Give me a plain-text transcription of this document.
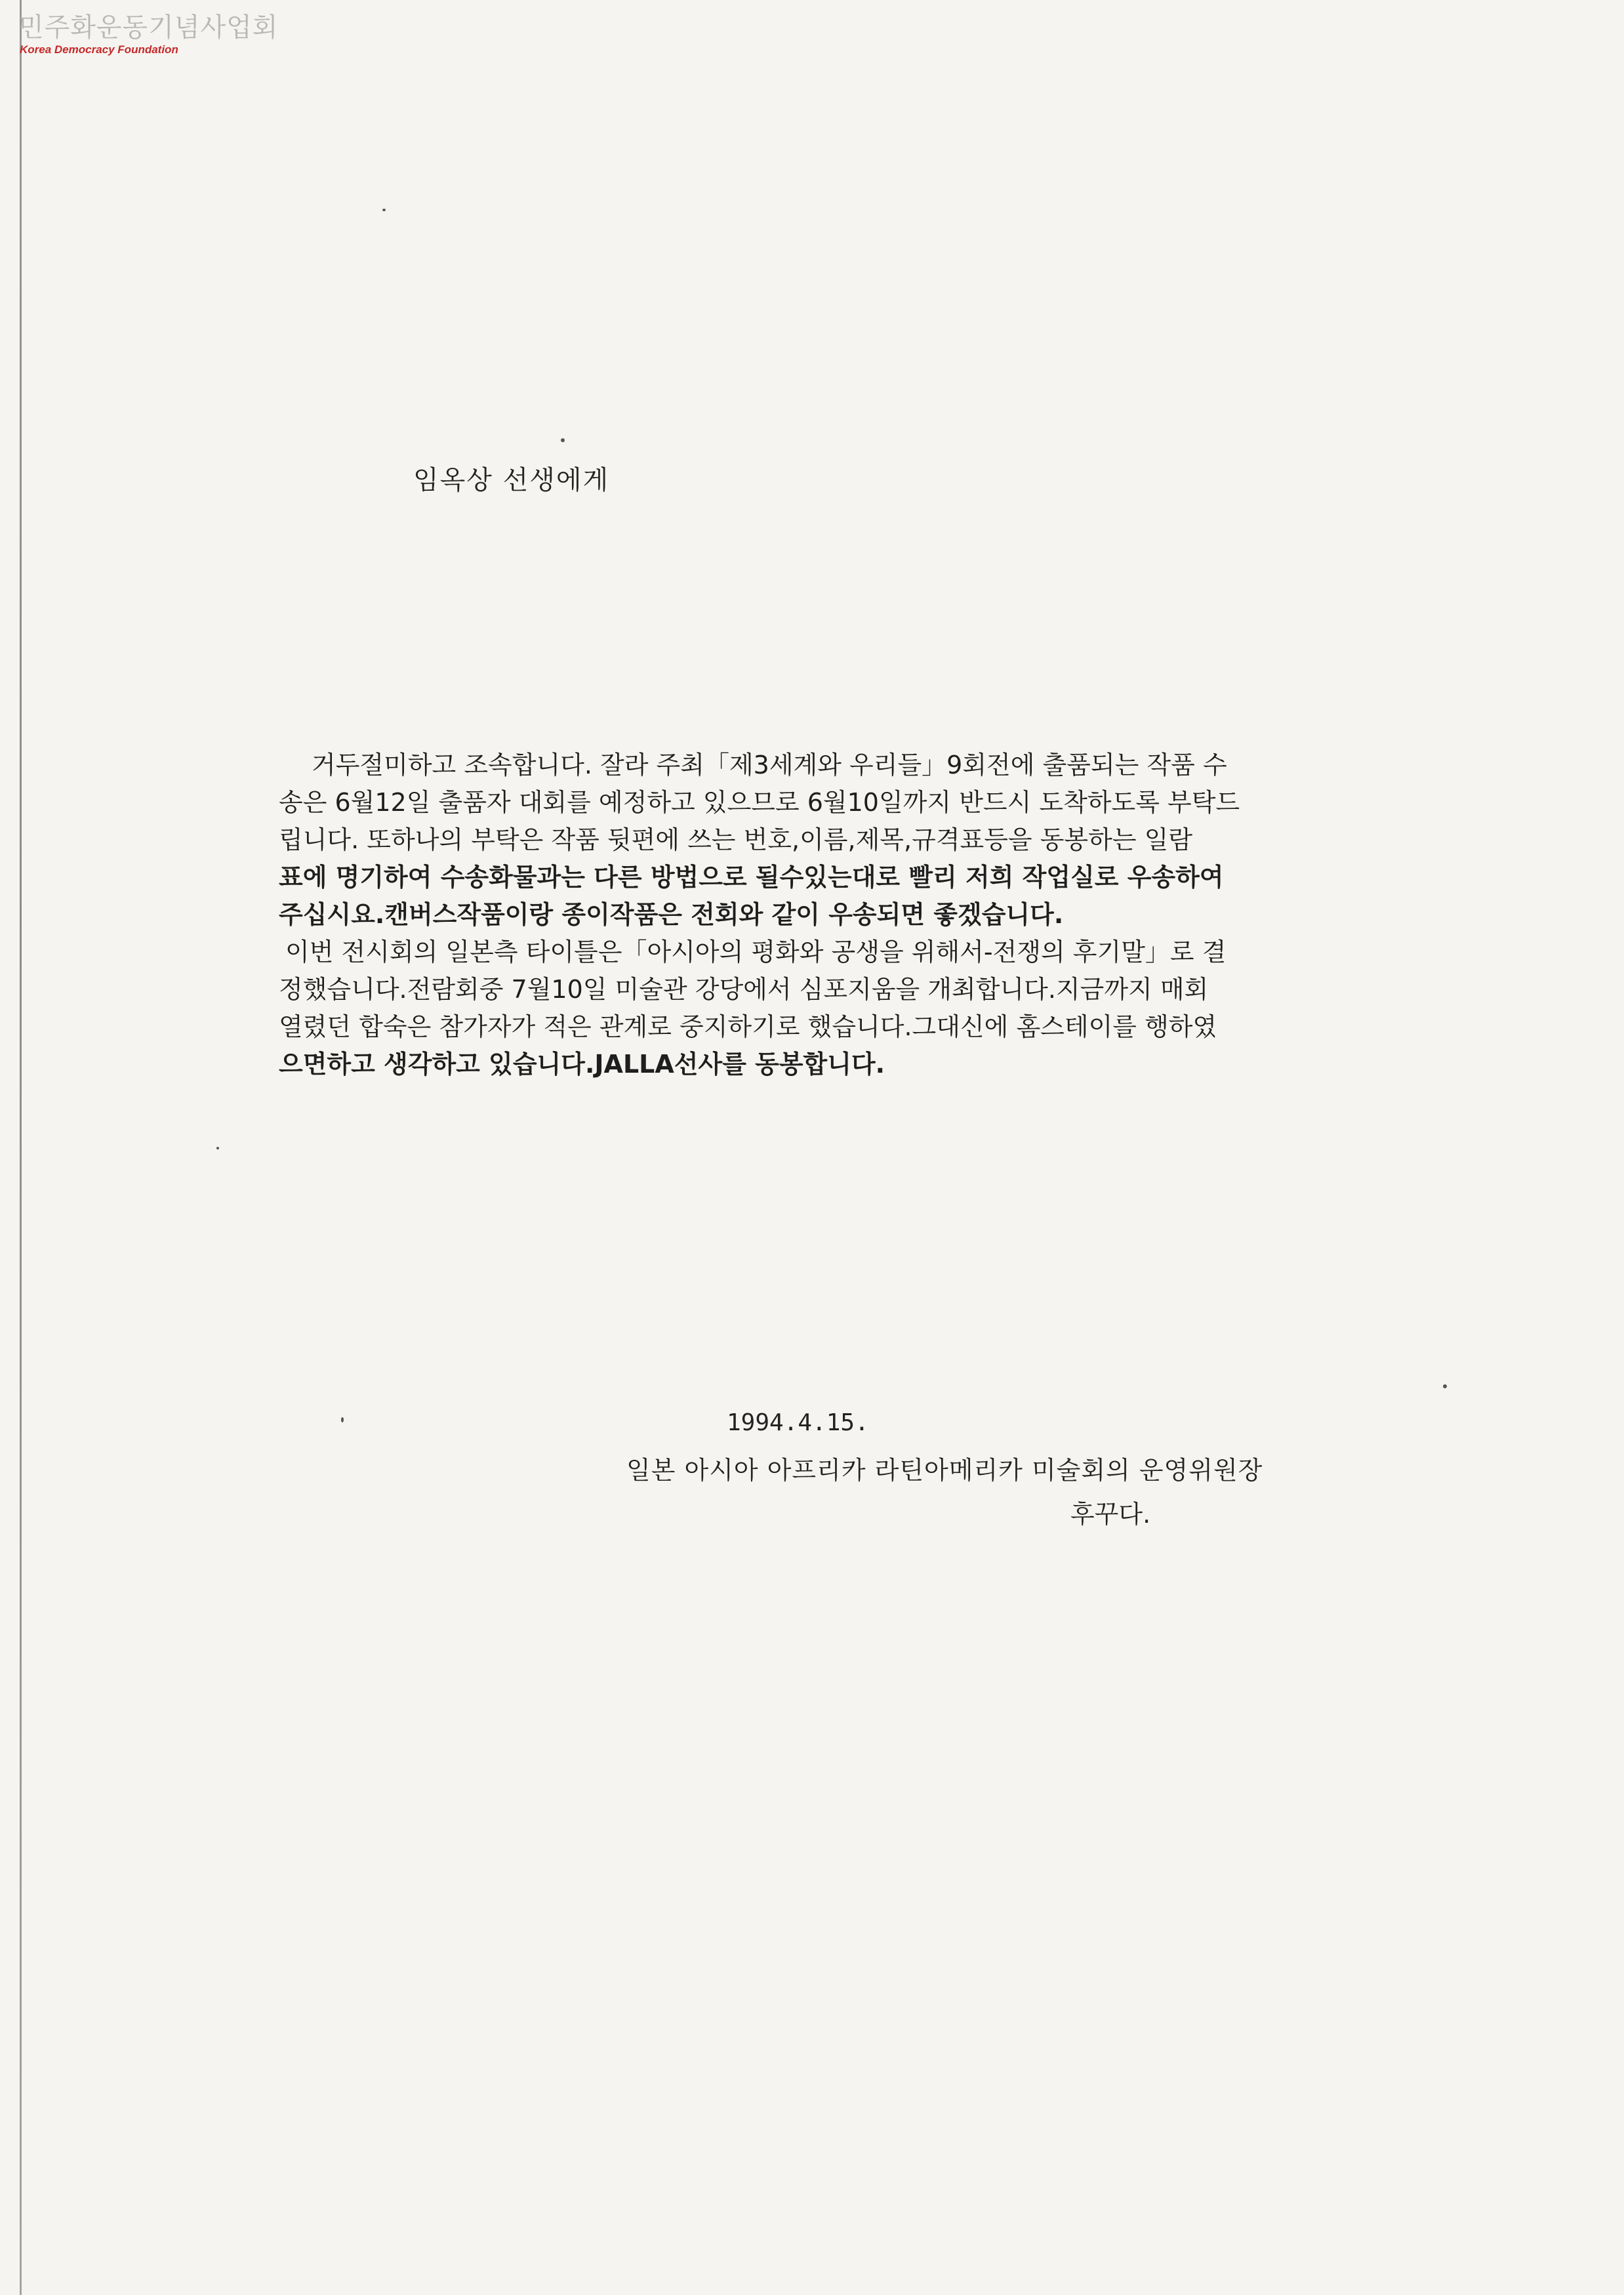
민주화운동기념사업회
Korea Democracy Foundation
임옥상 선생에게

거두절미하고 조속합니다. 잘라 주최「제3세계와 우리들」9회전에 출품되는 작품 수

송은 6월12일 출품자 대회를 예정하고 있으므로 6월10일까지 반드시 도착하도록 부탁드

립니다. 또하나의 부탁은 작품 뒷편에 쓰는 번호,이름,제목,규격표등을 동봉하는 일람

표에 명기하여 수송화물과는 다른 방법으로 될수있는대로 빨리 저희 작업실로 우송하여

주십시요.캔버스작품이랑 종이작품은 전회와 같이 우송되면 좋겠습니다.

이번 전시회의 일본측 타이틀은「아시아의 평화와 공생을 위해서-전쟁의 후기말」로 결

정했습니다.전람회중 7월10일 미술관 강당에서 심포지움을 개최합니다.지금까지 매회

열렸던 합숙은 참가자가 적은 관계로 중지하기로 했습니다.그대신에 홈스테이를 행하였

으면하고 생각하고 있습니다.JALLA선사를 동봉합니다.

1994.4.15.
일본 아시아 아프리카 라틴아메리카 미술회의 운영위원장
후꾸다.
